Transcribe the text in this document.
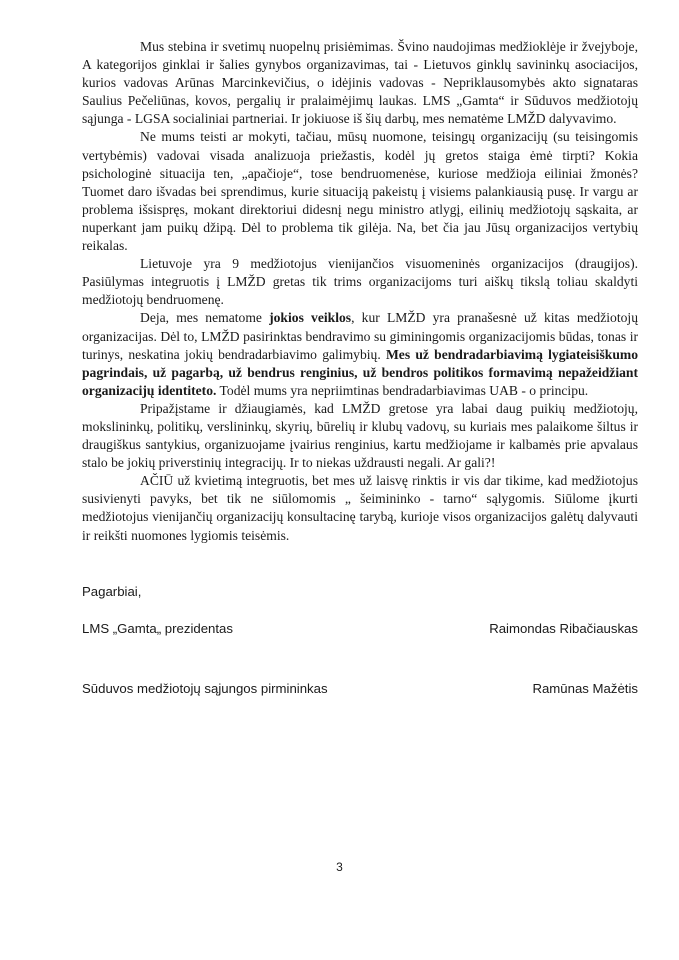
Mus stebina ir svetimų nuopelnų prisiėmimas. Švino naudojimas medžioklėje ir žvejyboje, A kategorijos ginklai ir šalies gynybos organizavimas, tai - Lietuvos ginklų savininkų asociacijos, kurios vadovas Arūnas Marcinkevičius, o idėjinis vadovas - Nepriklausomybės akto signataras Saulius Pečeliūnas, kovos, pergalių ir pralaimėjimų laukas. LMS „Gamta“ ir Sūduvos medžiotojų sąjunga - LGSA socialiniai partneriai. Ir jokiuose iš šių darbų, mes nematėme LMŽD dalyvavimo.

Ne mums teisti ar mokyti, tačiau, mūsų nuomone, teisingų organizacijų (su teisingomis vertybėmis) vadovai visada analizuoja priežastis, kodėl jų gretos staiga ėmė tirpti? Kokia psichologinė situacija ten, „apačioje“, tose bendruomenėse, kuriose medžioja eiliniai žmonės? Tuomet daro išvadas bei sprendimus, kurie situaciją pakeistų į visiems palankiausią pusę. Ir vargu ar problema išsispręs, mokant direktoriui didesnį negu ministro atlygį, eilinių medžiotojų sąskaita, ar nuperkant jam puikų džipą. Dėl to problema tik gilėja. Na, bet čia jau Jūsų organizacijos vertybių reikalas.

Lietuvoje yra 9 medžiotojus vienijančios visuomeninės organizacijos (draugijos). Pasiūlymas integruotis į LMŽD gretas tik trims organizacijoms turi aiškų tikslą toliau skaldyti medžiotojų bendruomenę.

Deja, mes nematome jokios veiklos, kur LMŽD yra pranašesnė už kitas medžiotojų organizacijas. Dėl to, LMŽD pasirinktas bendravimo su giminingomis organizacijomis būdas, tonas ir turinys, neskatina jokių bendradarbiavimo galimybių. Mes už bendradarbiavimą lygiateisiškumo pagrindais, už pagarbą, už bendrus renginius, už bendros politikos formavimą nepažeidžiant organizacijų identiteto. Todėl mums yra nepriimtinas bendradarbiavimas UAB - o principu.

Pripažįstame ir džiaugiamės, kad LMŽD gretose yra labai daug puikių medžiotojų, mokslininkų, politikų, verslininkų, skyrių, būrelių ir klubų vadovų, su kuriais mes palaikome šiltus ir draugiškus santykius, organizuojame įvairius renginius, kartu medžiojame ir kalbamės prie apvalaus stalo be jokių priverstinių integracijų. Ir to niekas uždrausti negali. Ar gali?!

AČIŪ už kvietimą integruotis, bet mes už laisvę rinktis ir vis dar tikime, kad medžiotojus susivienyti pavyks, bet tik ne siūlomomis „ šeimininko - tarno“ sąlygomis. Siūlome įkurti medžiotojus vienijančių organizacijų konsultacinę tarybą, kurioje visos organizacijos galėtų dalyvauti ir reikšti nuomones lygiomis teisėmis.

Pagarbiai,
LMS „Gamta„ prezidentas	Raimondas Ribačiauskas
Sūduvos medžiotojų sąjungos pirmininkas	Ramūnas Mažėtis
3
